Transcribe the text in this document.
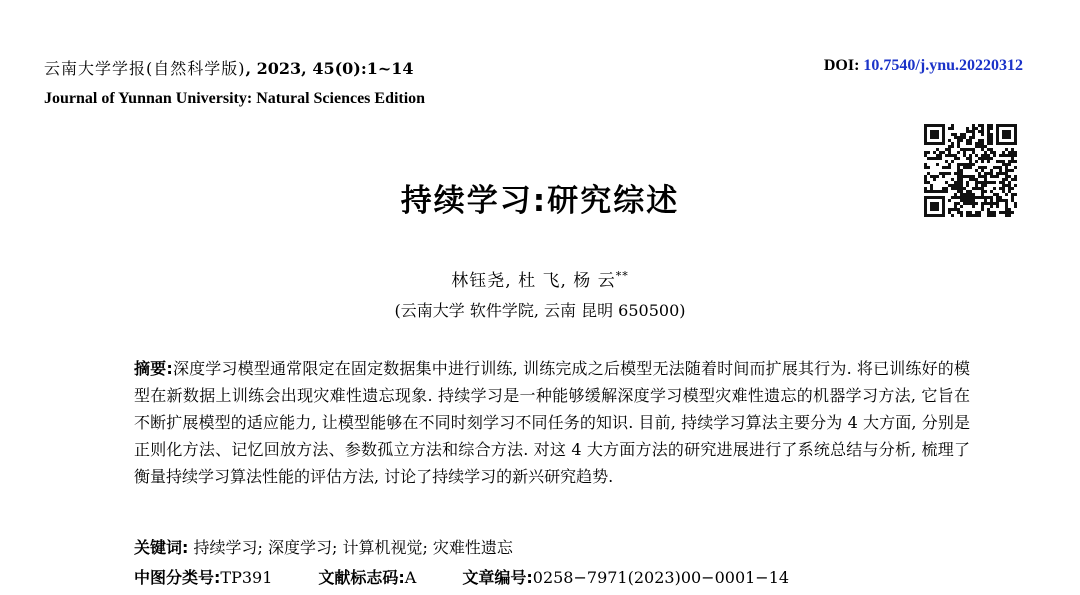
云南大学学报(自然科学版), 2023, 45(0):1~14
Journal of Yunnan University: Natural Sciences Edition
DOI: 10.7540/j.ynu.20220312
持续学习:研究综述
林钰尧, 杜 飞, 杨 云**
(云南大学 软件学院, 云南 昆明 650500)
摘要:深度学习模型通常限定在固定数据集中进行训练, 训练完成之后模型无法随着时间而扩展其行为. 将已训练好的模型在新数据上训练会出现灾难性遗忘现象. 持续学习是一种能够缓解深度学习模型灾难性遗忘的机器学习方法, 它旨在不断扩展模型的适应能力, 让模型能够在不同时刻学习不同任务的知识. 目前, 持续学习算法主要分为 4 大方面, 分别是正则化方法、记忆回放方法、参数孤立方法和综合方法. 对这 4 大方面方法的研究进展进行了系统总结与分析, 梳理了衡量持续学习算法性能的评估方法, 讨论了持续学习的新兴研究趋势.
关键词: 持续学习; 深度学习; 计算机视觉; 灾难性遗忘
中图分类号:TP391	文献标志码:A	文章编号:0258−7971(2023)00−0001−14
